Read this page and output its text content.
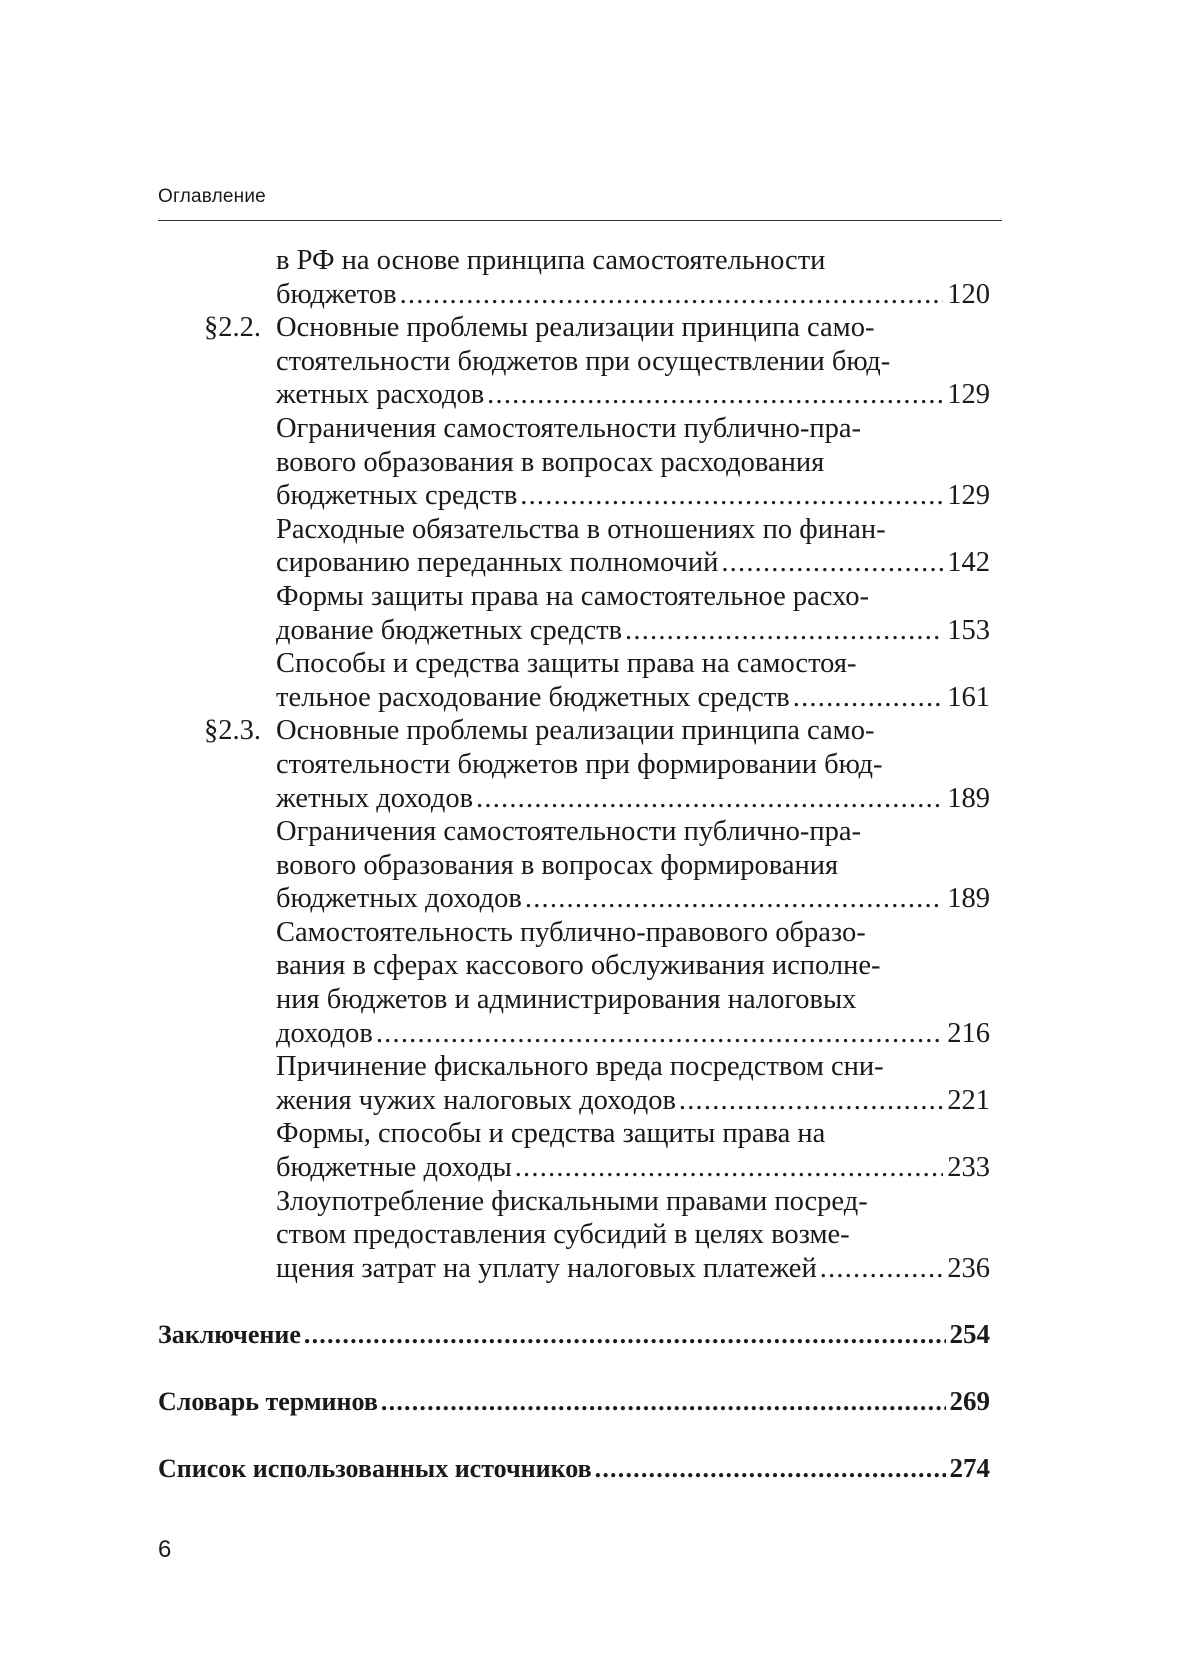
Оглавление
в РФ на основе принципа самостоятельности
бюджетов .....	120
§2.2. Основные проблемы реализации принципа само-
стоятельности бюджетов при осуществлении бюд-
жетных расходов .....	129
Ограничения самостоятельности публично-пра-
вового образования в вопросах расходования
бюджетных средств .....	129
Расходные обязательства в отношениях по финан-
сированию переданных полномочий .....	142
Формы защиты права на самостоятельное расхо-
дование бюджетных средств .....	153
Способы и средства защиты права на самостоя-
тельное расходование бюджетных средств .....	161
§2.3. Основные проблемы реализации принципа само-
стоятельности бюджетов при формировании бюд-
жетных доходов .....	189
Ограничения самостоятельности публично-пра-
вового образования в вопросах формирования
бюджетных доходов .....	189
Самостоятельность публично-правового образо-
вания в сферах кассового обслуживания исполне-
ния бюджетов и администрирования налоговых
доходов .....	216
Причинение фискального вреда посредством сни-
жения чужих налоговых доходов .....	221
Формы, способы и средства защиты права на
бюджетные доходы .....	233
Злоупотребление фискальными правами посред-
ством предоставления субсидий в целях возме-
щения затрат на уплату налоговых платежей .....	236
Заключение .....	254
Словарь терминов .....	269
Список использованных источников .....	274
6
